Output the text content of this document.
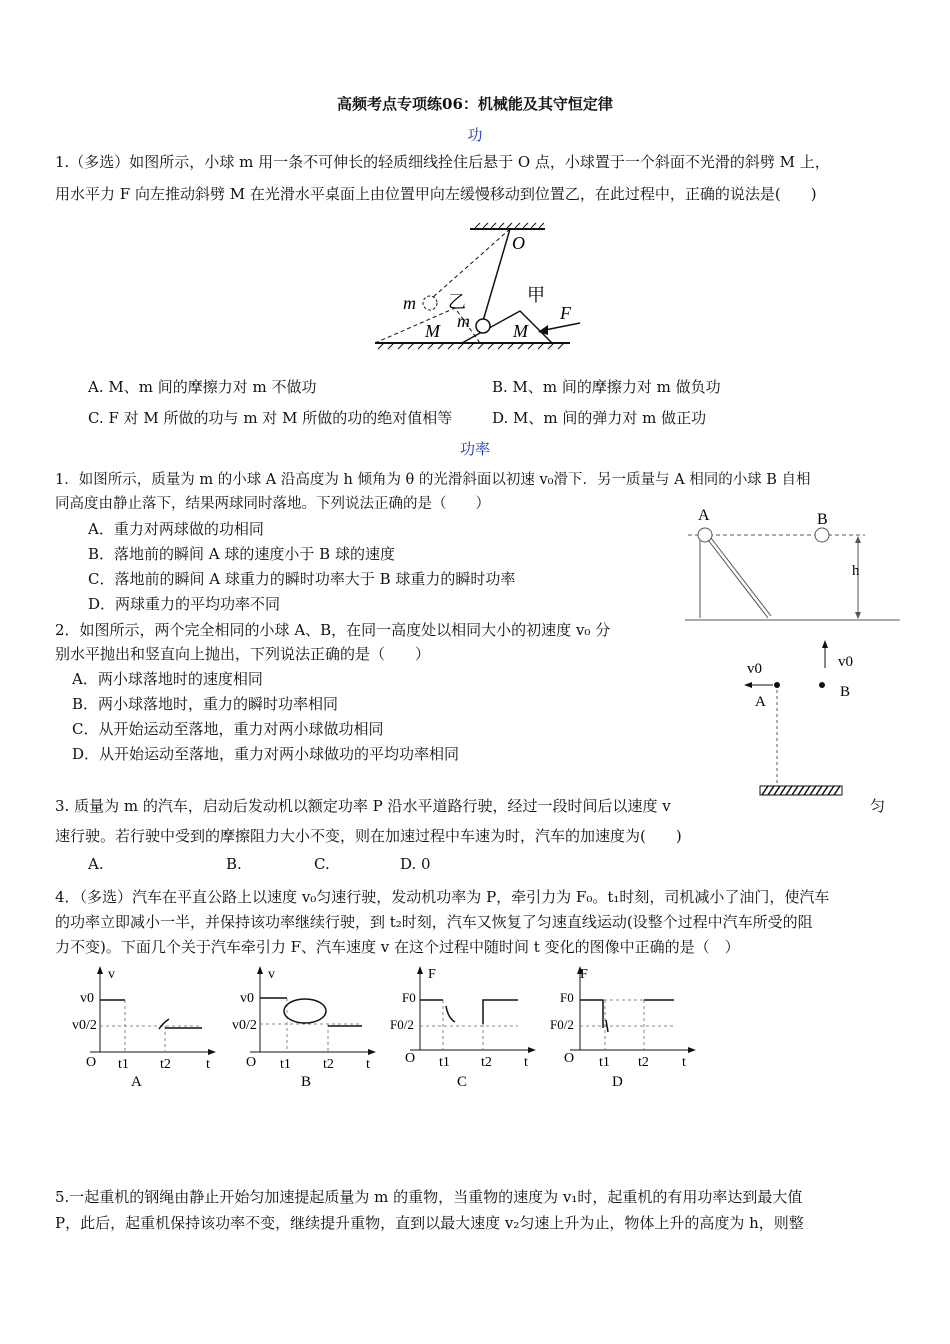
高频考点专项练06：机械能及其守恒定律
功
1.（多选）如图所示，小球 m 用一条不可伸长的轻质细线拴住后悬于 O 点，小球置于一个斜面不光滑的斜劈 M 上，
用水平力 F 向左推动斜劈 M 在光滑水平桌面上由位置甲向左缓慢移动到位置乙，在此过程中，正确的说法是(　　)
O
m 乙	甲
F
M m M
A. M、m 间的摩擦力对 m 不做功	B. M、m 间的摩擦力对 m 做负功
C. F 对 M 所做的功与 m 对 M 所做的功的绝对值相等	D. M、m 间的弹力对 m 做正功
功率
1．如图所示，质量为 m 的小球 A 沿高度为 h 倾角为 θ 的光滑斜面以初速 v₀滑下．另一质量与 A 相同的小球 B 自相
同高度由静止落下，结果两球同时落地。下列说法正确的是（　　）
A．重力对两球做的功相同
B．落地前的瞬间 A 球的速度小于 B 球的速度
C．落地前的瞬间 A 球重力的瞬时功率大于 B 球重力的瞬时功率
D．两球重力的平均功率不同
A	B
h
2．如图所示，两个完全相同的小球 A、B，在同一高度处以相同大小的初速度 v₀ 分
别水平抛出和竖直向上抛出，下列说法正确的是（　　）
A．两小球落地时的速度相同
B．两小球落地时，重力的瞬时功率相同
C．从开始运动至落地，重力对两小球做功相同
D．从开始运动至落地，重力对两小球做功的平均功率相同
v0	v0
A
B
3. 质量为 m 的汽车，启动后发动机以额定功率 P 沿水平道路行驶，经过一段时间后以速度 v	匀
速行驶。若行驶中受到的摩擦阻力大小不变，则在加速过程中车速为时，汽车的加速度为(　　)
A.	B.	C.	D. 0
4．（多选）汽车在平直公路上以速度 v₀匀速行驶，发动机功率为 P，牵引力为 F₀。t₁时刻，司机减小了油门，使汽车
的功率立即减小一半，并保持该功率继续行驶，到 t₂时刻，汽车又恢复了匀速直线运动(设整个过程中汽车所受的阻
力不变)。下面几个关于汽车牵引力 F、汽车速度 v 在这个过程中随时间 t 变化的图像中正确的是（　）
v
v0
v0/2
O t1 t2	t
A
v
v0
v0/2
O t1 t2 t
B
F
F0
F0/2
O t1 t2 t
C
F
F0
F0/2
O t1 t2 t
D
5.一起重机的钢绳由静止开始匀加速提起质量为 m 的重物，当重物的速度为 v₁时，起重机的有用功率达到最大值
P，此后，起重机保持该功率不变，继续提升重物，直到以最大速度 v₂匀速上升为止，物体上升的高度为 h，则整
